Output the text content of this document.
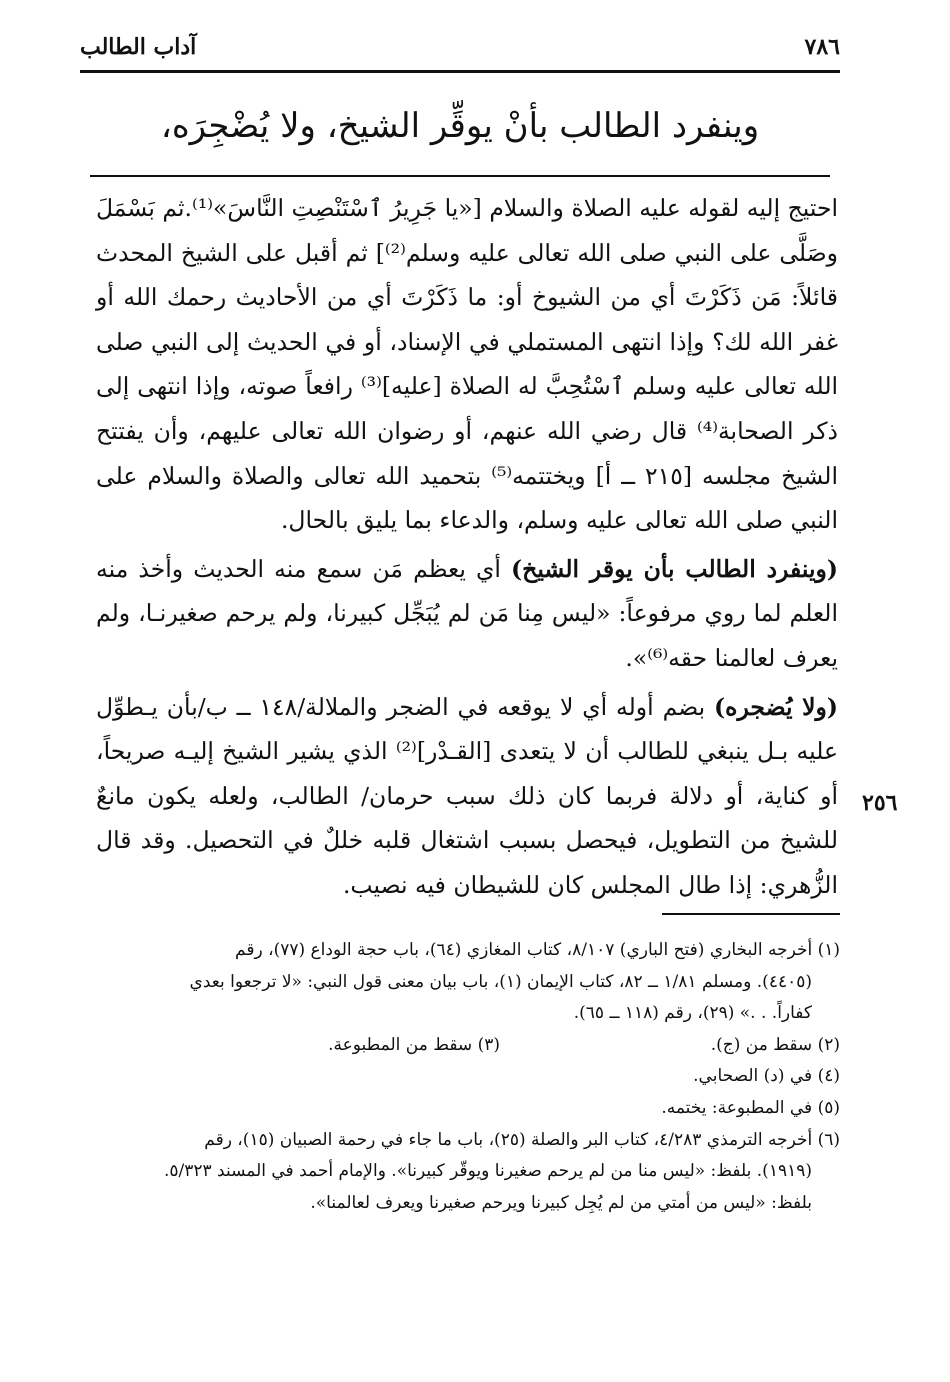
٧٨٦
آداب الطالب
وينفرد الطالب بأنْ يوقِّر الشيخ، ولا يُضْجِرَه،

احتيج إليه لقوله عليه الصلاة والسلام [«يا جَرِيرُ ٱسْتَنْصِتِ النَّاسَ»⁽¹⁾.ثم بَسْمَلَ وصَلَّى على النبي صلى الله تعالى عليه وسلم⁽²⁾] ثم أقبل على الشيخ المحدث قائلاً: مَن ذَكَرْتَ أي من الشيوخ أو: ما ذَكَرْتَ أي من الأحاديث رحمك الله أو غفر الله لك؟ وإذا انتهى المستملي في الإسناد، أو في الحديث إلى النبي صلى الله تعالى عليه وسلم ٱسْتُحِبَّ له الصلاة [عليه]⁽³⁾ رافعاً صوته، وإذا انتهى إلى ذكر الصحابة⁽⁴⁾ قال رضي الله عنهم، أو رضوان الله تعالى عليهم، وأن يفتتح الشيخ مجلسه [٢١٥ ــ أ] ويختتمه⁽⁵⁾ بتحميد الله تعالى والصلاة والسلام على النبي صلى الله تعالى عليه وسلم، والدعاء بما يليق بالحال.

(وينفرد الطالب بأن يوقر الشيخ) أي يعظم مَن سمع منه الحديث وأخذ منه العلم لما روي مرفوعاً: «ليس مِنا مَن لم يُبَجِّل كبيرنا، ولم يرحم صغيرنـا، ولم يعرف لعالمنا حقه⁽⁶⁾».

(ولا يُضجره) بضم أوله أي لا يوقعه في الضجر والملالة/١٤٨ ــ ب/بأن يـطوِّل عليه بـل ينبغي للطالب أن لا يتعدى [القـدْر]⁽²⁾ الذي يشير الشيخ إليـه صريحاً، أو كناية، أو دلالة فربما كان ذلك سبب حرمان/ الطالب، ولعله يكون مانعٌ للشيخ من التطويل، فيحصل بسبب اشتغال قلبه خللٌ في التحصيل. وقد قال الزُّهري: إذا طال المجلس كان للشيطان فيه نصيب.

٢٥٦
(١) أخرجه البخاري (فتح الباري) ٨/١٠٧، كتاب المغازي (٦٤)، باب حجة الوداع (٧٧)، رقم
(٤٤٠٥). ومسلم ١/٨١ ــ ٨٢، كتاب الإيمان (١)، باب بيان معنى قول النبي: «لا ترجعوا بعدي
كفاراً. . .» (٢٩)، رقم (١١٨ ــ ٦٥).
(٢) سقط من (ج).
(٣) سقط من المطبوعة.
(٤) في (د) الصحابي.
(٥) في المطبوعة: يختمه.
(٦) أخرجه الترمذي ٤/٢٨٣، كتاب البر والصلة (٢٥)، باب ما جاء في رحمة الصبيان (١٥)، رقم
(١٩١٩). بلفظ: «ليس منا من لم يرحم صغيرنا ويوقّر كبيرنا». والإمام أحمد في المسند ٥/٣٢٣.
بلفظ: «ليس من أمتي من لم يُجِل كبيرنا ويرحم صغيرنا ويعرف لعالمنا».
